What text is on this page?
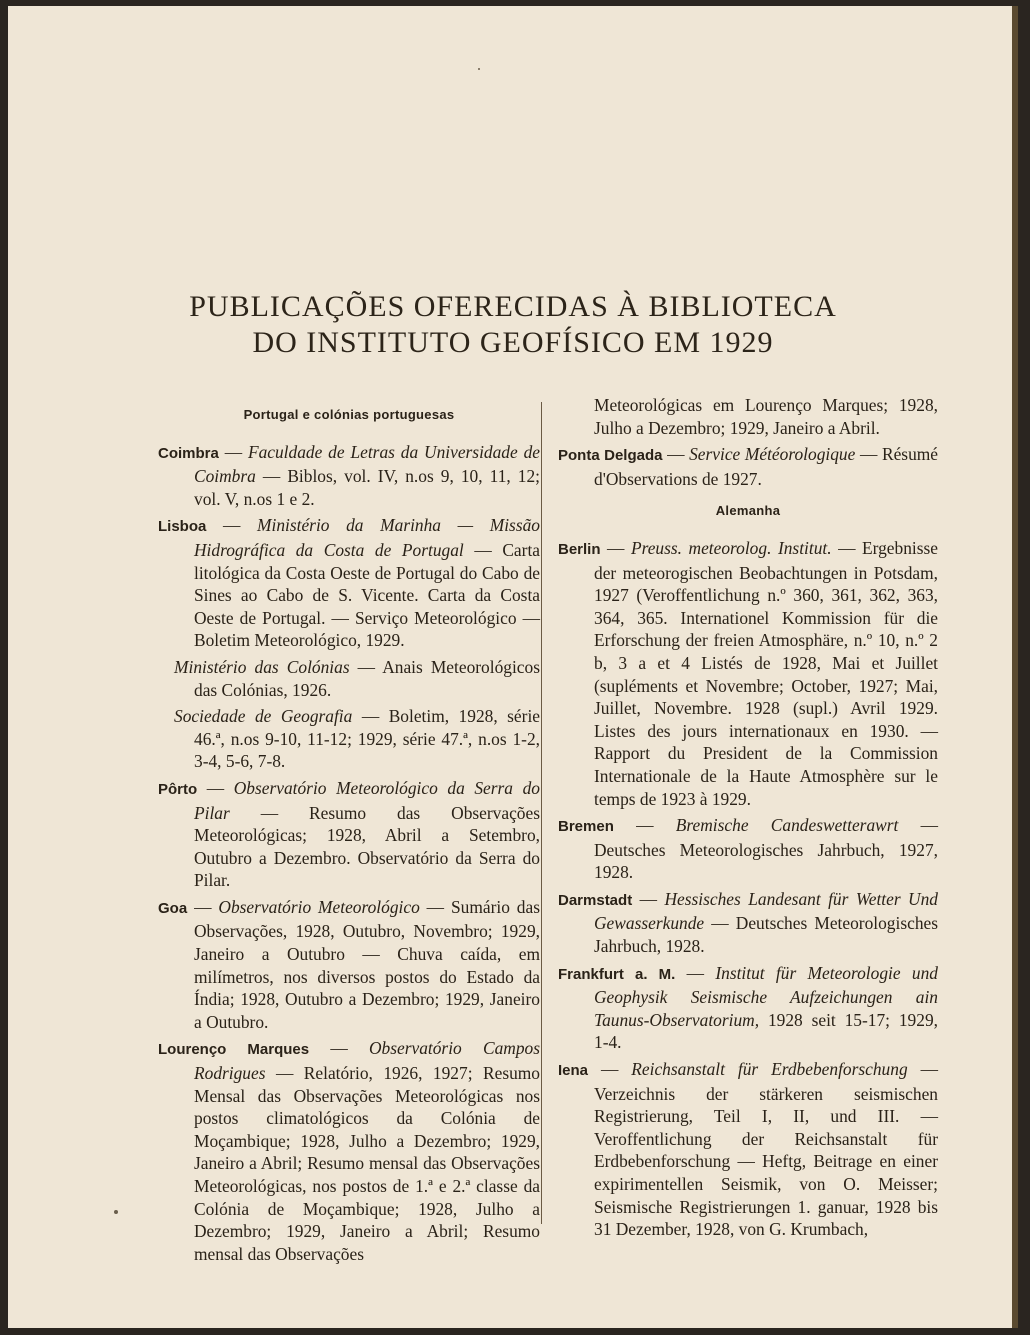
PUBLICAÇÕES OFERECIDAS À BIBLIOTECA
DO INSTITUTO GEOFÍSICO EM 1929
Portugal e colónias portuguesas
Coimbra — Faculdade de Letras da Universidade de Coimbra — Biblos, vol. IV, n.os 9, 10, 11, 12; vol. V, n.os 1 e 2.
Lisboa — Ministério da Marinha — Missão Hidrográfica da Costa de Portugal — Carta litológica da Costa Oeste de Portugal do Cabo de Sines ao Cabo de S. Vicente. Carta da Costa Oeste de Portugal. — Serviço Meteorológico — Boletim Meteorológico, 1929.
Ministério das Colónias — Anais Meteorológicos das Colónias, 1926.
Sociedade de Geografia — Boletim, 1928, série 46.ª, n.os 9-10, 11-12; 1929, série 47.ª, n.os 1-2, 3-4, 5-6, 7-8.
Pôrto — Observatório Meteorológico da Serra do Pilar — Resumo das Observações Meteorológicas; 1928, Abril a Setembro, Outubro a Dezembro. Observatório da Serra do Pilar.
Goa — Observatório Meteorológico — Sumário das Observações, 1928, Outubro, Novembro; 1929, Janeiro a Outubro — Chuva caída, em milímetros, nos diversos postos do Estado da Índia; 1928, Outubro a Dezembro; 1929, Janeiro a Outubro.
Lourenço Marques — Observatório Campos Rodrigues — Relatório, 1926, 1927; Resumo Mensal das Observações Meteorológicas nos postos climatológicos da Colónia de Moçambique; 1928, Julho a Dezembro; 1929, Janeiro a Abril; Resumo mensal das Observações Meteorológicas, nos postos de 1.ª e 2.ª classe da Colónia de Moçambique; 1928, Julho a Dezembro; 1929, Janeiro a Abril; Resumo mensal das Observações
Meteorológicas em Lourenço Marques; 1928, Julho a Dezembro; 1929, Janeiro a Abril.
Ponta Delgada — Service Météorologique — Résumé d'Observations de 1927.
Alemanha
Berlin — Preuss. meteorolog. Institut. — Ergebnisse der meteorogischen Beobachtungen in Potsdam, 1927 (Veroffentlichung n.º 360, 361, 362, 363, 364, 365. Internationel Kommission für die Erforschung der freien Atmosphäre, n.º 10, n.º 2 b, 3 a et 4 Listés de 1928, Mai et Juillet (supléments et Novembre; October, 1927; Mai, Juillet, Novembre. 1928 (supl.) Avril 1929. Listes des jours internationaux en 1930. — Rapport du President de la Commission Internationale de la Haute Atmosphère sur le temps de 1923 à 1929.
Bremen — Bremische Candeswetterawrt — Deutsches Meteorologisches Jahrbuch, 1927, 1928.
Darmstadt — Hessisches Landesant für Wetter Und Gewasserkunde — Deutsches Meteorologisches Jahrbuch, 1928.
Frankfurt a. M. — Institut für Meteorologie und Geophysik Seismische Aufzeichungen ain Taunus-Observatorium, 1928 seit 15-17; 1929, 1-4.
Iena — Reichsanstalt für Erdbebenforschung — Verzeichnis der stärkeren seismischen Registrierung, Teil I, II, und III. — Veroffentlichung der Reichsanstalt für Erdbebenforschung — Heftg, Beitrage en einer expirimentellen Seismik, von O. Meisser; Seismische Registrierungen 1. ganuar, 1928 bis 31 Dezember, 1928, von G. Krumbach,
